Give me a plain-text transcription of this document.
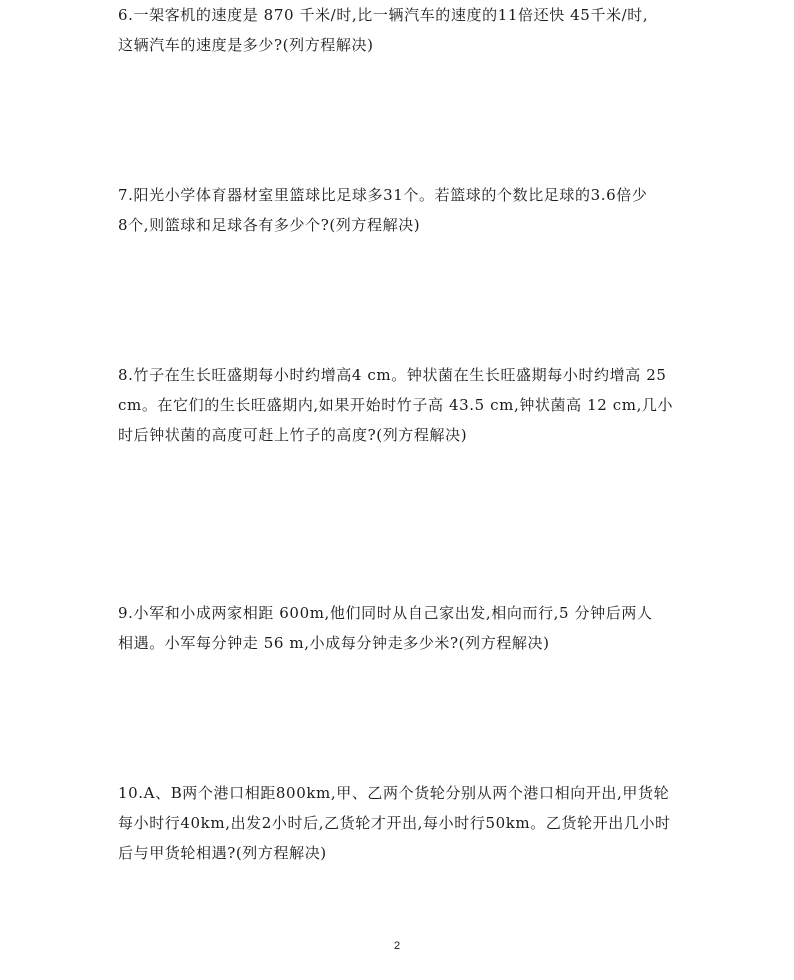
6.一架客机的速度是 870 千米/时,比一辆汽车的速度的11倍还快 45千米/时,
这辆汽车的速度是多少?(列方程解决)

7.阳光小学体育器材室里篮球比足球多31个。若篮球的个数比足球的3.6倍少
8个,则篮球和足球各有多少个?(列方程解决)

8.竹子在生长旺盛期每小时约增高4 cm。钟状菌在生长旺盛期每小时约增高 25
cm。在它们的生长旺盛期内,如果开始时竹子高 43.5 cm,钟状菌高 12 cm,几小
时后钟状菌的高度可赶上竹子的高度?(列方程解决)

9.小军和小成两家相距 600m,他们同时从自己家出发,相向而行,5 分钟后两人
相遇。小军每分钟走 56 m,小成每分钟走多少米?(列方程解决)

10.A、B两个港口相距800km,甲、乙两个货轮分别从两个港口相向开出,甲货轮
每小时行40km,出发2小时后,乙货轮才开出,每小时行50km。乙货轮开出几小时
后与甲货轮相遇?(列方程解决)

2
